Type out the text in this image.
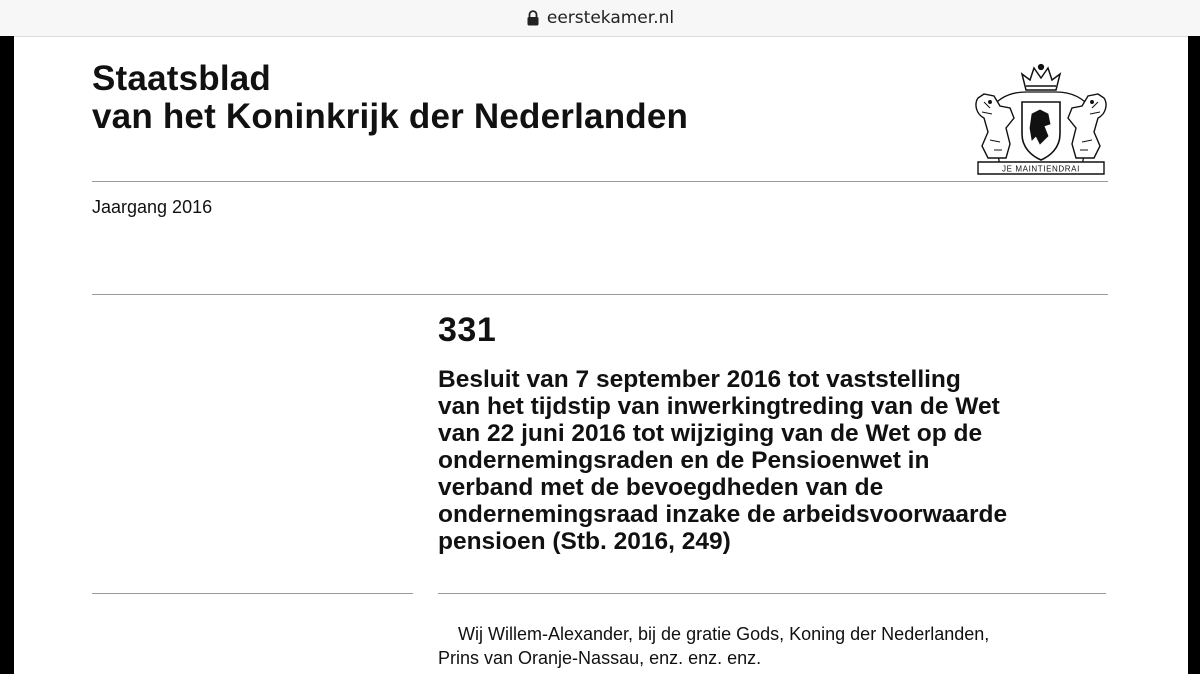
eerstekamer.nl
Staatsblad
van het Koninkrijk der Nederlanden
JE MAINTIENDRAI
Jaargang 2016
331
Besluit van 7 september 2016 tot vaststelling
van het tijdstip van inwerkingtreding van de Wet
van 22 juni 2016 tot wijziging van de Wet op de
ondernemingsraden en de Pensioenwet in
verband met de bevoegdheden van de
ondernemingsraad inzake de arbeidsvoorwaarde
pensioen (Stb. 2016, 249)
Wij Willem-Alexander, bij de gratie Gods, Koning der Nederlanden,
Prins van Oranje-Nassau, enz. enz. enz.
